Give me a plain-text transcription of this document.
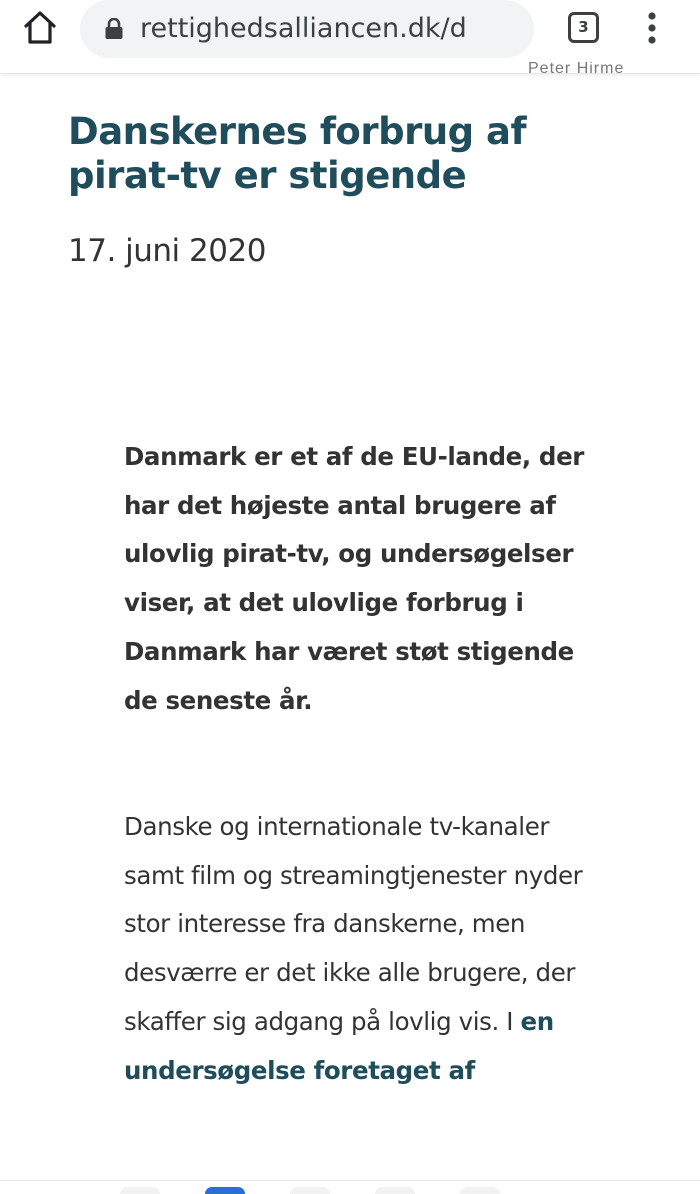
rettighedsalliancen.dk/d	3
Peter Hirme
Danskernes forbrug af pirat-tv er stigende
17. juni 2020

Danmark er et af de EU-lande, der har det højeste antal brugere af ulovlig pirat-tv, og undersøgelser viser, at det ulovlige forbrug i Danmark har været støt stigende de seneste år.

Danske og internationale tv-kanaler samt film og streamingtjenester nyder stor interesse fra danskerne, men desværre er det ikke alle brugere, der skaffer sig adgang på lovlig vis. I en undersøgelse foretaget af
